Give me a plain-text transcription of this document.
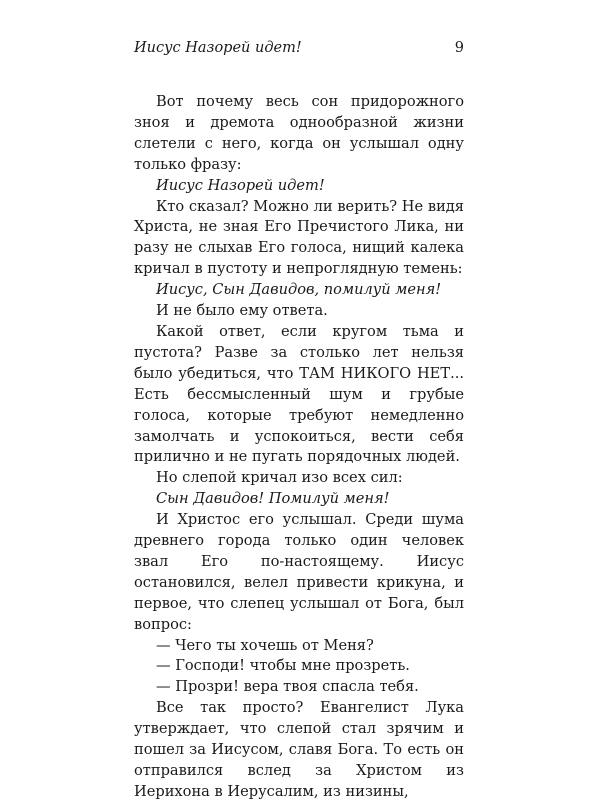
Иисус Назорей идет!	9

Вот почему весь сон придорожного зноя и дремота однообразной жизни слетели с него, когда он услышал одну только фразу:

Иисус Назорей идет!

Кто сказал? Можно ли верить? Не видя Христа, не зная Его Пречистого Лика, ни разу не слыхав Его голоса, нищий калека кричал в пустоту и непроглядную темень:

Иисус, Сын Давидов, помилуй меня!

И не было ему ответа.

Какой ответ, если кругом тьма и пустота? Разве за столько лет нельзя было убедиться, что ТАМ НИКОГО НЕТ... Есть бессмысленный шум и грубые голоса, которые требуют немедленно замолчать и успокоиться, вести себя прилично и не пугать порядочных людей.

Но слепой кричал изо всех сил:

Сын Давидов! Помилуй меня!

И Христос его услышал. Среди шума древнего города только один человек звал Его по-настоящему. Иисус остановился, велел привести крикуна, и первое, что слепец услышал от Бога, был вопрос:

— Чего ты хочешь от Меня?

— Господи! чтобы мне прозреть.

— Прозри! вера твоя спасла тебя.

Все так просто? Евангелист Лука утверждает, что слепой стал зрячим и пошел за Иисусом, славя Бога. То есть он отправился вслед за Христом из Иерихона в Иерусалим, из низины,
